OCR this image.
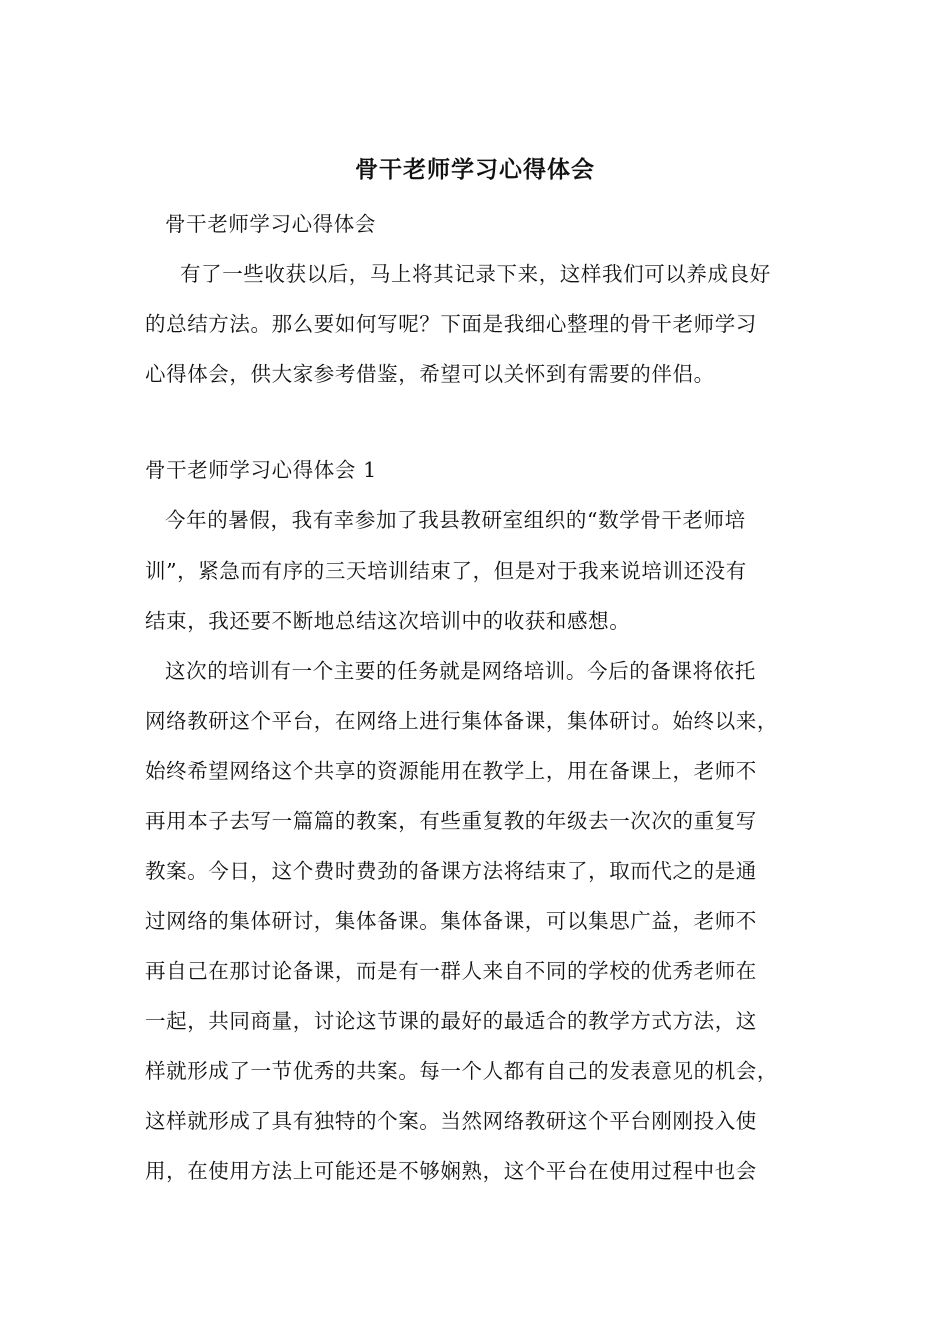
骨干老师学习心得体会
骨干老师学习心得体会
有了一些收获以后，马上将其记录下来，这样我们可以养成良好
的总结方法。那么要如何写呢？下面是我细心整理的骨干老师学习
心得体会，供大家参考借鉴，希望可以关怀到有需要的伴侣。
骨干老师学习心得体会 1
今年的暑假，我有幸参加了我县教研室组织的“数学骨干老师培
训”，紧急而有序的三天培训结束了，但是对于我来说培训还没有
结束，我还要不断地总结这次培训中的收获和感想。
这次的培训有一个主要的任务就是网络培训。今后的备课将依托
网络教研这个平台，在网络上进行集体备课，集体研讨。始终以来，
始终希望网络这个共享的资源能用在教学上，用在备课上，老师不
再用本子去写一篇篇的教案，有些重复教的年级去一次次的重复写
教案。今日，这个费时费劲的备课方法将结束了，取而代之的是通
过网络的集体研讨，集体备课。集体备课，可以集思广益，老师不
再自己在那讨论备课，而是有一群人来自不同的学校的优秀老师在
一起，共同商量，讨论这节课的最好的最适合的教学方式方法，这
样就形成了一节优秀的共案。每一个人都有自己的发表意见的机会，
这样就形成了具有独特的个案。当然网络教研这个平台刚刚投入使
用，在使用方法上可能还是不够娴熟，这个平台在使用过程中也会
